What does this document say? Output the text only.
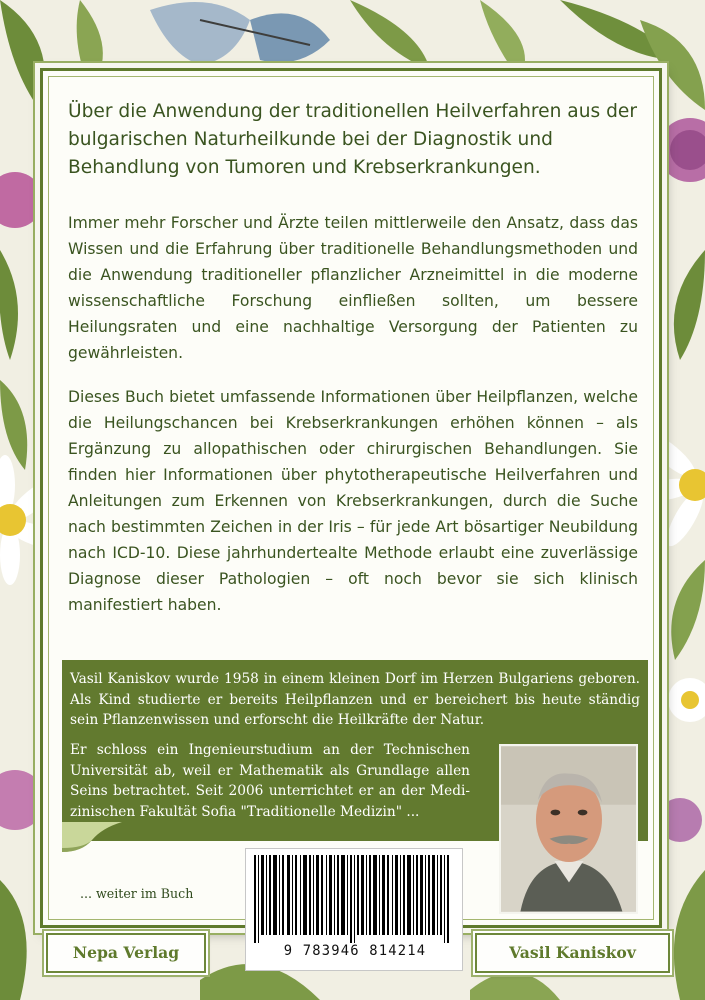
Über die Anwendung der traditionellen Heilverfahren aus der bulgarischen Naturheilkunde bei der Diagnostik und Behandlung von Tumoren und Krebserkrankungen.
Immer mehr Forscher und Ärzte teilen mittlerweile den Ansatz, dass das Wissen und die Erfahrung über traditionelle Behandlungsmethoden und die Anwendung traditioneller pflanzlicher Arzneimittel in die moderne wissenschaftliche Forschung einfließen sollten, um bessere Heilungsraten und eine nachhaltige Versorgung der Patienten zu gewährleisten.
Dieses Buch bietet umfassende Informationen über Heilpflanzen, welche die Heilungschancen bei Krebserkrankungen erhöhen können – als Ergänzung zu allopathischen oder chirurgischen Behandlungen. Sie finden hier Informationen über phytotherapeutische Heilverfahren und Anleitungen zum Erkennen von Krebserkrankungen, durch die Suche nach bestimmten Zeichen in der Iris – für jede Art bösartiger Neubildung nach ICD-10. Diese jahrhundertealte Methode erlaubt eine zuverlässige Diagnose dieser Pathologien – oft noch bevor sie sich klinisch manifestiert haben.
Vasil Kaniskov wurde 1958 in einem kleinen Dorf im Herzen Bulgariens geboren. Als Kind studierte er bereits Heilpflanzen und er bereichert bis heute ständig sein Pflanzenwissen und erforscht die Heilkräfte der Natur.
Er schloss ein Ingenieurstudium an der Technischen Universität ab, weil er Mathematik als Grundlage allen Seins betrachtet. Seit 2006 unterrichtet er an der Medizinischen Fakultät Sofia "Traditionelle Medizin" ...
... weiter im Buch
9 783946 814214
Nepa Verlag	Vasil Kaniskov
